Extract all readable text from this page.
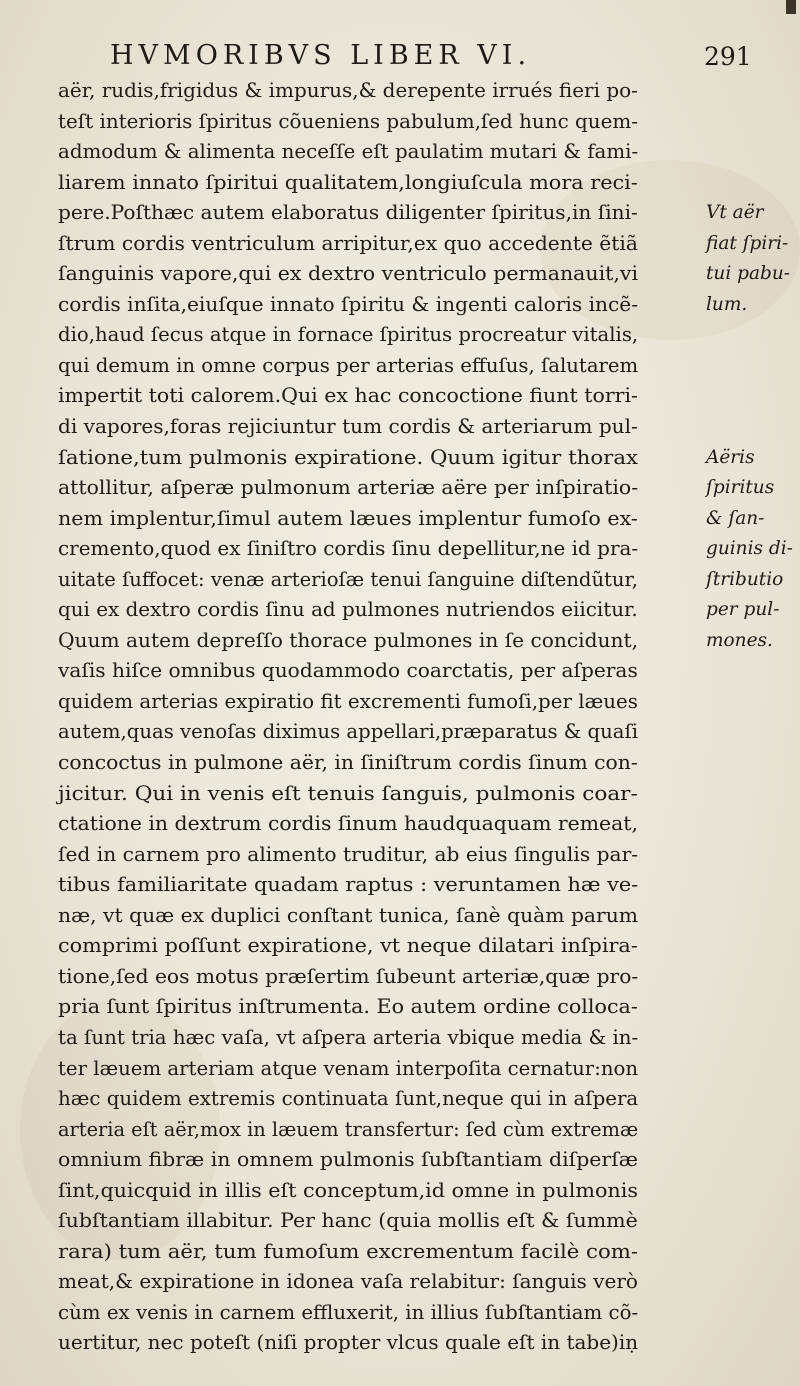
HVMORIBVS LIBER VI.	291
aër, rudis,frigidus & impurus,& derepente irrués fieri po-
teſt interioris ſpiritus cõueniens pabulum,ſed hunc quem-
admodum & alimenta neceſſe eſt paulatim mutari & fami-
liarem innato ſpiritui qualitatem,longiuſcula mora reci-
pere.Poſthæc autem elaboratus diligenter ſpiritus,in ſini-	Vt aër
ſtrum cordis ventriculum arripitur,ex quo accedente ẽtiã	fiat ſpiri-
ſanguinis vapore,qui ex dextro ventriculo permanauit,vi	tui pabu-
cordis inſita,eiuſque innato ſpiritu & ingenti caloris incẽ-	lum.
dio,haud ſecus atque in fornace ſpiritus procreatur vitalis,
qui demum in omne corpus per arterias effuſus, ſalutarem
impertit toti calorem.Qui ex hac concoctione fiunt torri-
di vapores,foras rejiciuntur tum cordis & arteriarum pul-
ſatione,tum pulmonis expiratione. Quum igitur thorax	Aëris
attollitur, aſperæ pulmonum arteriæ aëre per inſpiratio-	ſpiritus
nem implentur,ſimul autem læues implentur fumoſo ex-	& ſan-
cremento,quod ex ſiniſtro cordis ſinu depellitur,ne id pra-	guinis di-
uitate ſuffocet: venæ arterioſæ tenui ſanguine diſtendũtur,	ſtributio
qui ex dextro cordis ſinu ad pulmones nutriendos eiicitur.	per pul-
Quum autem depreſſo thorace pulmones in ſe concidunt,	mones.
vaſis hiſce omnibus quodammodo coarctatis, per aſperas
quidem arterias expiratio fit excrementi fumoſi,per læues
autem,quas venoſas diximus appellari,præparatus & quaſi
concoctus in pulmone aër, in ſiniſtrum cordis ſinum con-
jicitur. Qui in venis eſt tenuis ſanguis, pulmonis coar-
ctatione in dextrum cordis ſinum haudquaquam remeat,
ſed in carnem pro alimento truditur, ab eius ſingulis par-
tibus familiaritate quadam raptus : veruntamen hæ ve-
næ, vt quæ ex duplici conſtant tunica, ſanè quàm parum
comprimi poſſunt expiratione, vt neque dilatari inſpira-
tione,ſed eos motus præſertim ſubeunt arteriæ,quæ pro-
pria ſunt ſpiritus inſtrumenta. Eo autem ordine colloca-
ta ſunt tria hæc vaſa, vt aſpera arteria vbique media & in-
ter læuem arteriam atque venam interpoſita cernatur:non
hæc quidem extremis continuata ſunt,neque qui in aſpera
arteria eſt aër,mox in læuem transfertur: ſed cùm extremæ
omnium fibræ in omnem pulmonis ſubſtantiam diſperſæ
ſint,quicquid in illis eſt conceptum,id omne in pulmonis
ſubſtantiam illabitur. Per hanc (quia mollis eſt & ſummè
rara) tum aër, tum fumoſum excrementum facilè com-
meat,& expiratione in idonea vaſa relabitur: ſanguis verò
cùm ex venis in carnem effluxerit, in illius ſubſtantiam cõ-
uertitur, nec poteſt (niſi propter vlcus quale eſt in tabe)iṇ
